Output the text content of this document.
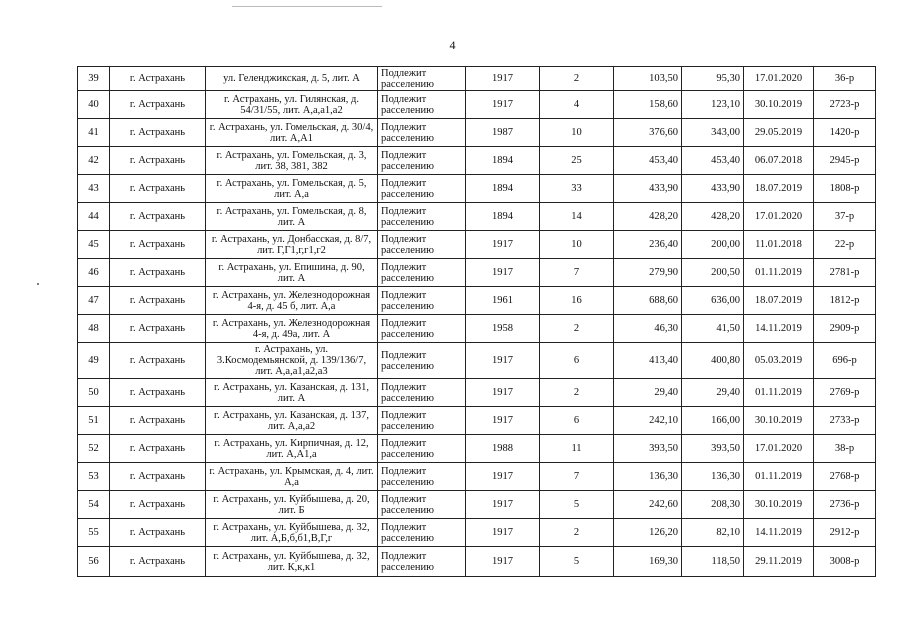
4
39	г. Астрахань	ул. Геленджикская, д. 5, лит. А	Подлежит расселению	1917	2	103,50	95,30	17.01.2020	36-р
40	г. Астрахань	г. Астрахань, ул. Гилянская, д. 54/31/55, лит. А,а,а1,а2	Подлежит расселению	1917	4	158,60	123,10	30.10.2019	2723-р
41	г. Астрахань	г. Астрахань, ул. Гомельская, д. 30/4, лит. А,А1	Подлежит расселению	1987	10	376,60	343,00	29.05.2019	1420-р
42	г. Астрахань	г. Астрахань, ул. Гомельская, д. 3, лит. 38, 381, 382	Подлежит расселению	1894	25	453,40	453,40	06.07.2018	2945-р
43	г. Астрахань	г. Астрахань, ул. Гомельская, д. 5, лит. А,а	Подлежит расселению	1894	33	433,90	433,90	18.07.2019	1808-р
44	г. Астрахань	г. Астрахань, ул. Гомельская, д. 8, лит. А	Подлежит расселению	1894	14	428,20	428,20	17.01.2020	37-р
45	г. Астрахань	г. Астрахань, ул. Донбасская, д. 8/7, лит. Г,Г1,г,г1,г2	Подлежит расселению	1917	10	236,40	200,00	11.01.2018	22-р
46	г. Астрахань	г. Астрахань, ул. Епишина, д. 90, лит. А	Подлежит расселению	1917	7	279,90	200,50	01.11.2019	2781-р
47	г. Астрахань	г. Астрахань, ул. Железнодорожная 4-я, д. 45 б, лит. А,а	Подлежит расселению	1961	16	688,60	636,00	18.07.2019	1812-р
48	г. Астрахань	г. Астрахань, ул. Железнодорожная 4-я, д. 49а, лит. А	Подлежит расселению	1958	2	46,30	41,50	14.11.2019	2909-р
49	г. Астрахань	г. Астрахань, ул. 3.Космодемьянской, д. 139/136/7, лит. А,а,а1,а2,а3	Подлежит расселению	1917	6	413,40	400,80	05.03.2019	696-р
50	г. Астрахань	г. Астрахань, ул. Казанская, д. 131, лит. А	Подлежит расселению	1917	2	29,40	29,40	01.11.2019	2769-р
51	г. Астрахань	г. Астрахань, ул. Казанская, д. 137, лит. А,а,а2	Подлежит расселению	1917	6	242,10	166,00	30.10.2019	2733-р
52	г. Астрахань	г. Астрахань, ул. Кирпичная, д. 12, лит. А,А1,а	Подлежит расселению	1988	11	393,50	393,50	17.01.2020	38-р
53	г. Астрахань	г. Астрахань, ул. Крымская, д. 4, лит. А,а	Подлежит расселению	1917	7	136,30	136,30	01.11.2019	2768-р
54	г. Астрахань	г. Астрахань, ул. Куйбышева, д. 20, лит. Б	Подлежит расселению	1917	5	242,60	208,30	30.10.2019	2736-р
55	г. Астрахань	г. Астрахань, ул. Куйбышева, д. 32, лит. А,Б,б,б1,В,Г,г	Подлежит расселению	1917	2	126,20	82,10	14.11.2019	2912-р
56	г. Астрахань	г. Астрахань, ул. Куйбышева, д. 32, лит. К,к,к1	Подлежит расселению	1917	5	169,30	118,50	29.11.2019	3008-р
